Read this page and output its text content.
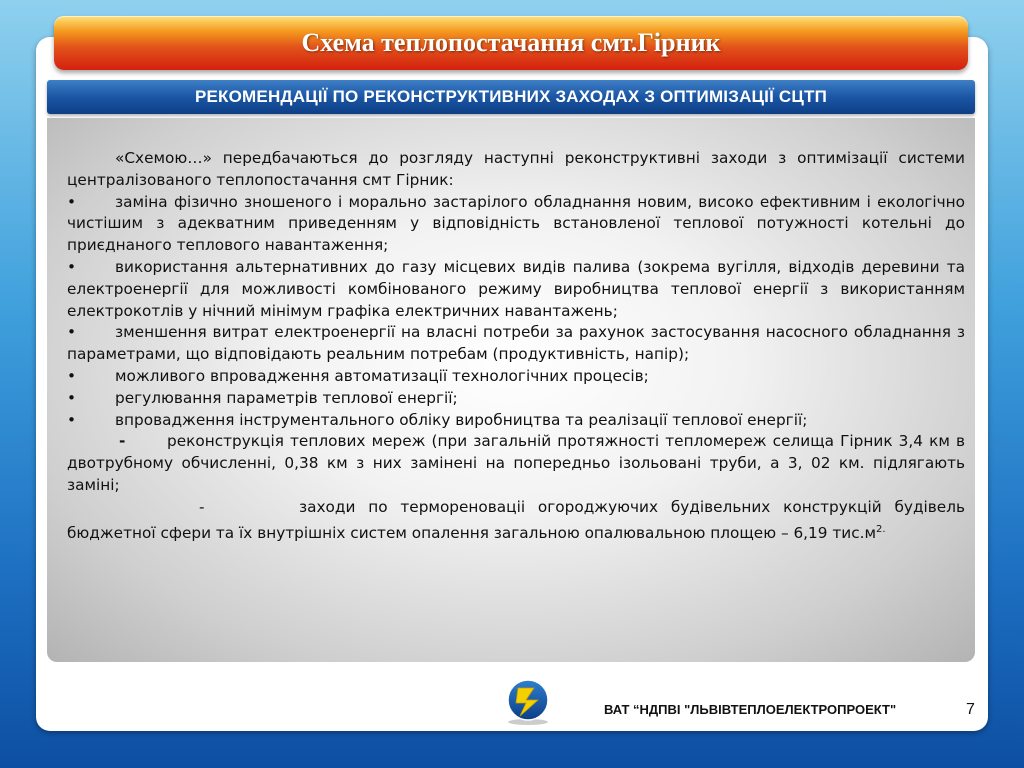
Схема теплопостачання смт.Гірник
РЕКОМЕНДАЦІЇ ПО РЕКОНСТРУКТИВНИХ ЗАХОДАХ З ОПТИМІЗАЦІЇ СЦТП

«Схемою…» передбачаються до розгляду наступні реконструктивні заходи з оптимізації системи централізованого теплопостачання смт Гірник:

•	заміна фізично зношеного і морально застарілого обладнання новим, високо ефективним і екологічно чистішим з адекватним приведенням у відповідність встановленої теплової потужності котельні до приєднаного теплового навантаження;

•	використання альтернативних до газу місцевих видів палива (зокрема вугілля, відходів деревини та електроенергії для можливості комбінованого режиму виробництва теплової енергії з використанням електрокотлів у нічний мінімум графіка електричних навантажень;

•	зменшення витрат електроенергії на власні потреби за рахунок застосування насосного обладнання з параметрами, що відповідають реальним потребам (продуктивність, напір);

•	можливого впровадження автоматизації технологічних процесів;

•	регулювання параметрів теплової енергії;

•	впровадження інструментального обліку виробництва та реалізації теплової енергії;

-	реконструкція теплових мереж (при загальній протяжності тепломереж селища Гірник 3,4 км в двотрубному обчисленні, 0,38 км з них замінені на попередньо ізольовані труби, а 3, 02 км. підлягають заміні;

-	заходи по термореноваціі огороджуючих будівельних конструкцій будівель бюджетної сфери та їх внутрішніх систем опалення загальною опалювальною площею – 6,19 $тис.м^{2.}$

ВАТ “НДПВІ "ЛЬВІВТЕПЛОЕЛЕКТРОПРОЕКТ"	7
